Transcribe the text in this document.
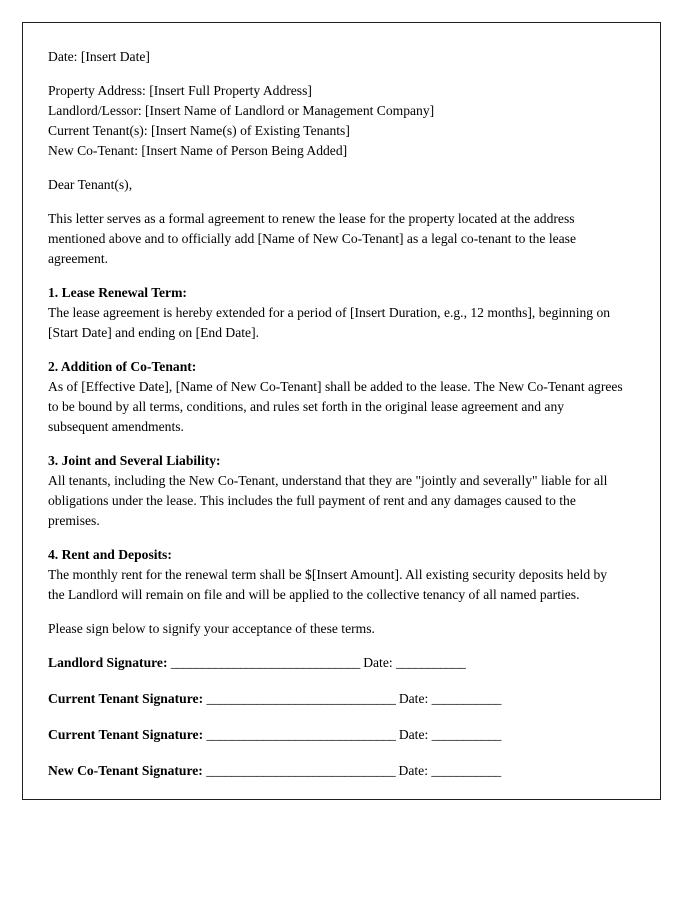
Date: [Insert Date]
Property Address: [Insert Full Property Address]
Landlord/Lessor: [Insert Name of Landlord or Management Company]
Current Tenant(s): [Insert Name(s) of Existing Tenants]
New Co-Tenant: [Insert Name of Person Being Added]
Dear Tenant(s),
This letter serves as a formal agreement to renew the lease for the property located at the address mentioned above and to officially add [Name of New Co-Tenant] as a legal co-tenant to the lease agreement.
1. Lease Renewal Term:
The lease agreement is hereby extended for a period of [Insert Duration, e.g., 12 months], beginning on [Start Date] and ending on [End Date].
2. Addition of Co-Tenant:
As of [Effective Date], [Name of New Co-Tenant] shall be added to the lease. The New Co-Tenant agrees to be bound by all terms, conditions, and rules set forth in the original lease agreement and any subsequent amendments.
3. Joint and Several Liability:
All tenants, including the New Co-Tenant, understand that they are "jointly and severally" liable for all obligations under the lease. This includes the full payment of rent and any damages caused to the premises.
4. Rent and Deposits:
The monthly rent for the renewal term shall be $[Insert Amount]. All existing security deposits held by the Landlord will remain on file and will be applied to the collective tenancy of all named parties.
Please sign below to signify your acceptance of these terms.
Landlord Signature: ______________________________ Date: ___________
Current Tenant Signature: ______________________________ Date: ___________
Current Tenant Signature: ______________________________ Date: ___________
New Co-Tenant Signature: ______________________________ Date: ___________
